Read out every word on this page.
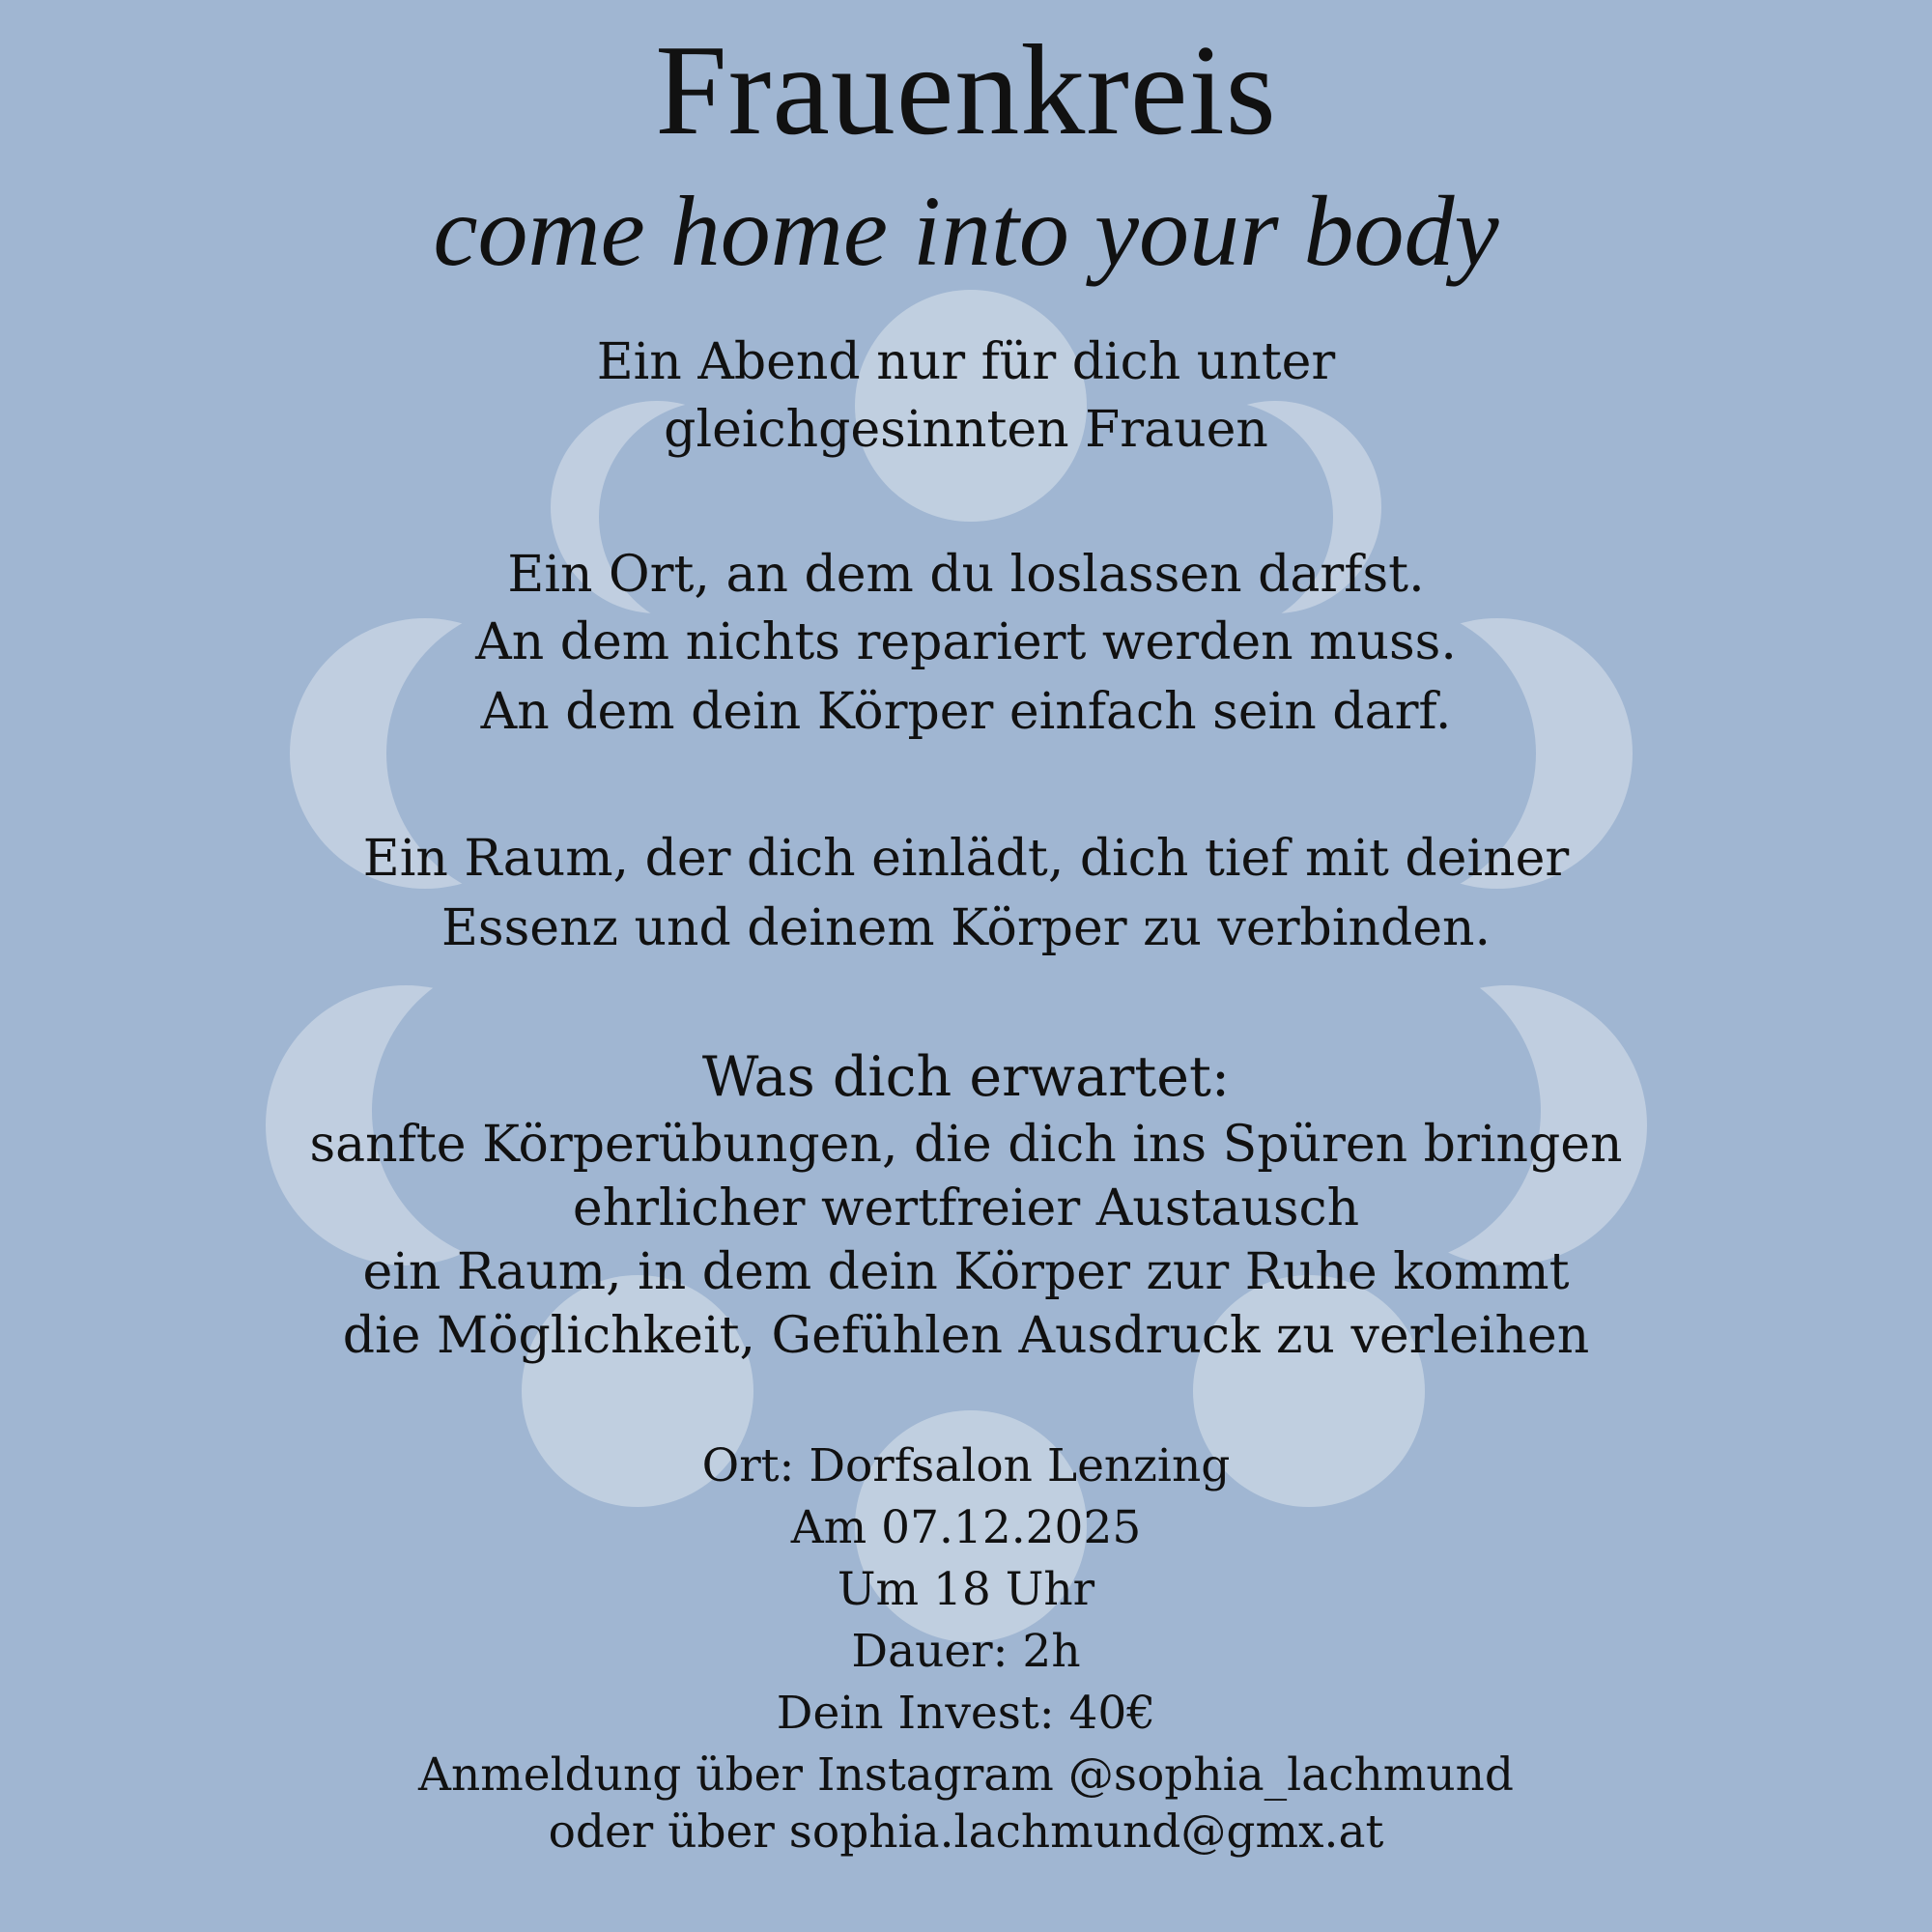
Frauenkreis
come home into your body
Ein Abend nur für dich unter
gleichgesinnten Frauen
Ein Ort, an dem du loslassen darfst.
An dem nichts repariert werden muss.
An dem dein Körper einfach sein darf.
Ein Raum, der dich einlädt, dich tief mit deiner
Essenz und deinem Körper zu verbinden.
Was dich erwartet:
sanfte Körperübungen, die dich ins Spüren bringen
ehrlicher wertfreier Austausch
ein Raum, in dem dein Körper zur Ruhe kommt
die Möglichkeit, Gefühlen Ausdruck zu verleihen
Ort: Dorfsalon Lenzing
Am 07.12.2025
Um 18 Uhr
Dauer: 2h
Dein Invest: 40€
Anmeldung über Instagram @sophia_lachmund
oder über sophia.lachmund@gmx.at
